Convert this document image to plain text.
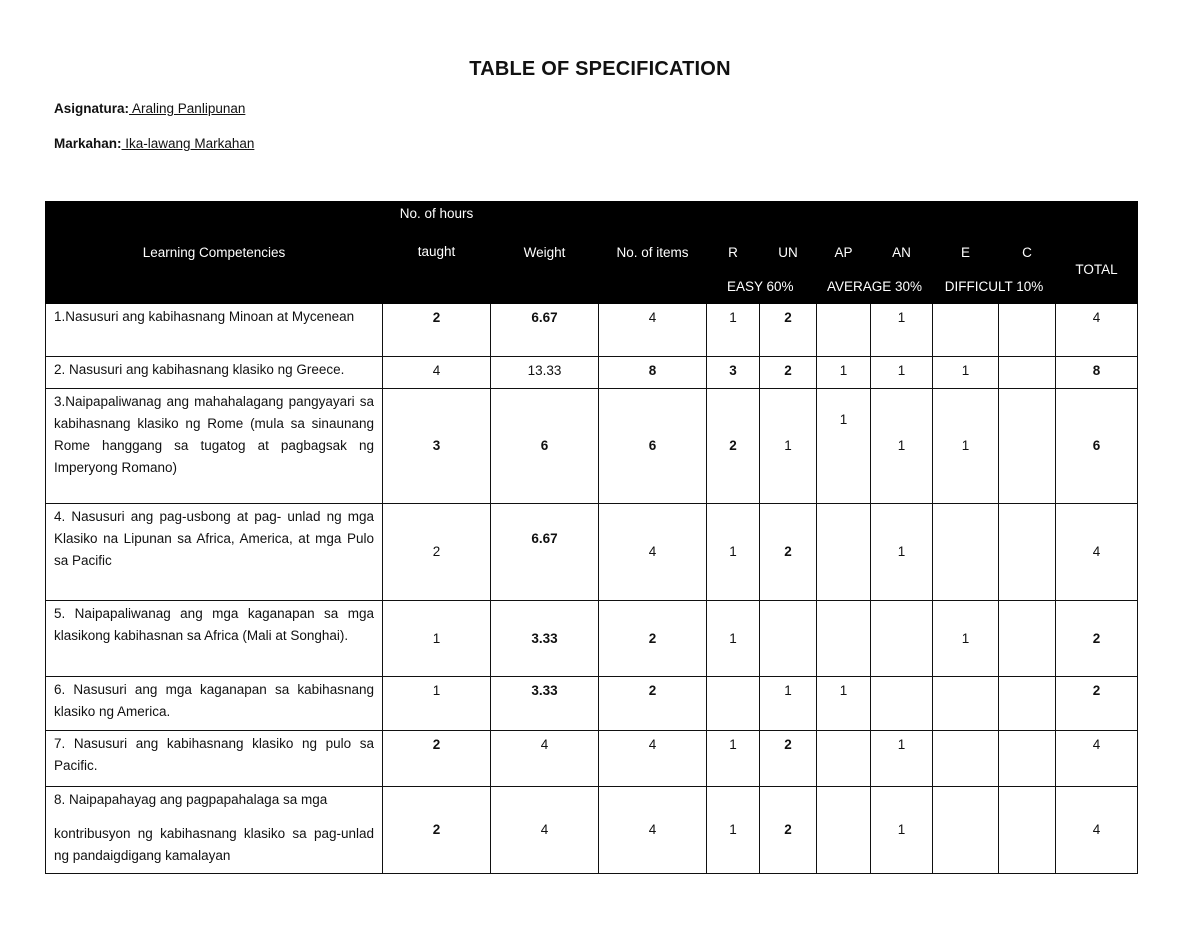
TABLE OF SPECIFICATION
Asignatura: Araling Panlipunan
Markahan: Ika-lawang Markahan
Learning Competencies	No. of hours
taught	Weight	No. of items							
				R	UN	AP	AN	E	C	TOTAL
				EASY 60%		AVERAGE 30%		DIFFICULT 10%		
1.Nasusuri ang kabihasnang Minoan at Mycenean	2	6.67	4	1	2		1			4
2. Nasusuri ang kabihasnang klasiko ng Greece.	4	13.33	8	3	2	1	1	1		8
3.Naipapaliwanag ang mahahalagang pangyayari sa kabihasnang klasiko ng Rome (mula sa sinaunang Rome hanggang sa tugatog at pagbagsak ng Imperyong Romano)	3	6	6	2	1	1	1	1		6
4. Nasusuri ang pag-usbong at pag- unlad ng mga Klasiko na Lipunan sa Africa, America, at mga Pulo sa Pacific	2	6.67	4	1	2		1			4
5. Naipapaliwanag ang mga kaganapan sa mga klasikong kabihasnan sa Africa (Mali at Songhai).	1	3.33	2	1				1		2
6. Nasusuri ang mga kaganapan sa kabihasnang klasiko ng America.	1	3.33	2		1	1				2
7. Nasusuri ang kabihasnang klasiko ng pulo sa Pacific.	2	4	4	1	2		1			4
8. Naipapahayag ang pagpapahalaga sa mga
kontribusyon ng kabihasnang klasiko sa pag-unlad ng pandaigdigang kamalayan	2	4	4	1	2		1			4
